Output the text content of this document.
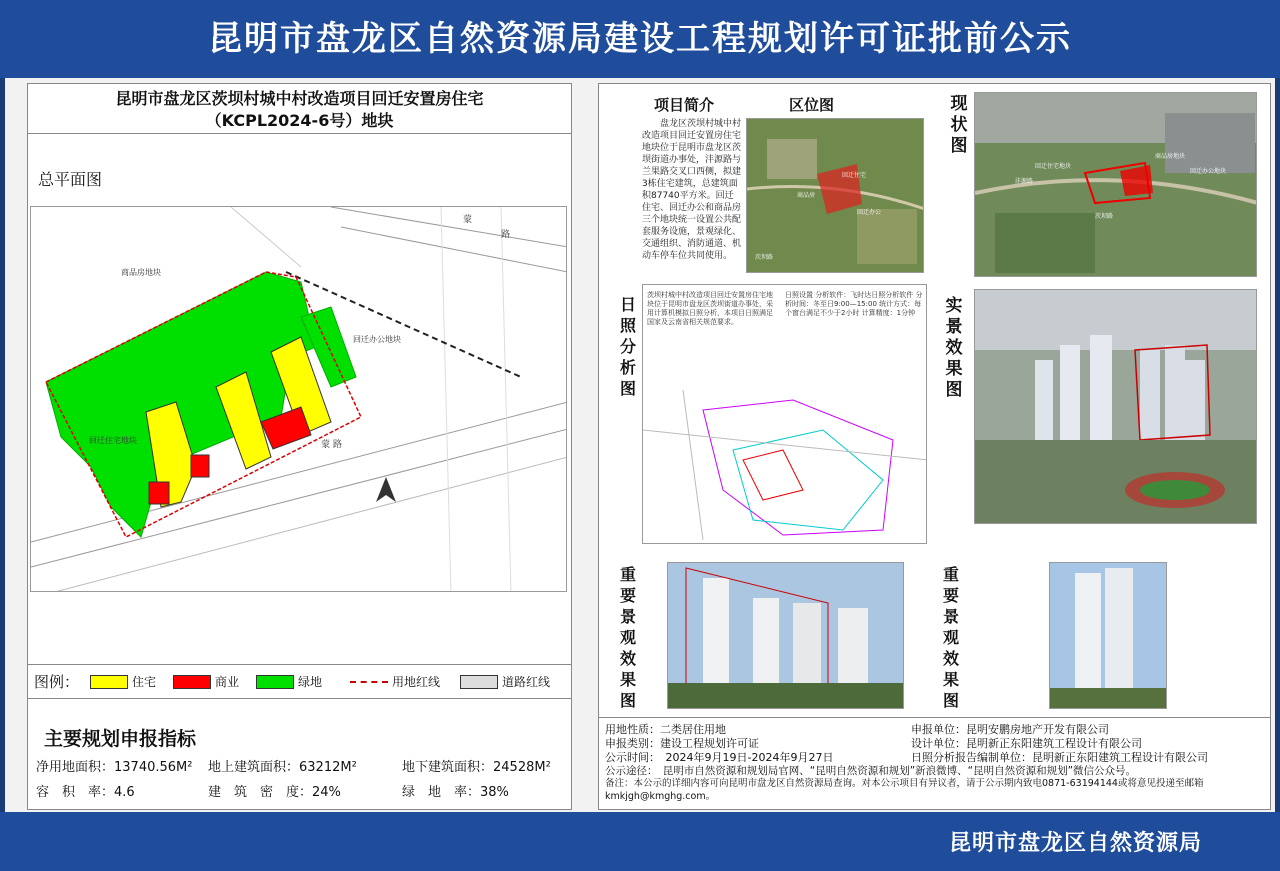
昆明市盘龙区自然资源局建设工程规划许可证批前公示
昆明市盘龙区茨坝村城中村改造项目回迁安置房住宅
（KCPL2024-6号）地块
总平面图
商品房地块
回迁办公地块
回迁住宅地块
蒙
路
蒙 路
图例：	住宅	商业	绿地	用地红线	道路红线
主要规划申报指标
净用地面积：13740.56M² 地上建筑面积：63212M²	地下建筑面积：24528M²
容　积　率：4.6	建　筑　密　度：24%	绿　地　率：38%
项目简介	区位图
盘龙区茨坝村城中村改造项目回迁安置房住宅地块位于昆明市盘龙区茨坝街道办事处，沣源路与兰果路交叉口西侧，拟建3栋住宅建筑，总建筑面积87740平方米。回迁住宅、回迁办公和商品房三个地块统一设置公共配套服务设施，景观绿化、交通组织、消防通道、机动车停车位共同使用。
回迁住宅
商品房
回迁办公
茨坝路
现状图
回迁住宅地块
商品房地块
回迁办公地块
茨坝路
沣源路
日照分析图
茨坝村城中村改造项目回迁安置房住宅地块位于昆明市盘龙区茨坝街道办事处，采用计算机模拟日照分析，本项目日照满足国家及云南省相关规范要求。
日照设置 分析软件：飞时达日照分析软件 分析时间：冬至日9:00—15:00 统计方式：每个窗台满足不少于2小时 计算精度：1分钟	实景效果图
重要景观效果图
重要景观效果图
用地性质：二类居住用地	申报单位：昆明安鹏房地产开发有限公司
申报类别：建设工程规划许可证	设计单位：昆明新正东阳建筑工程设计有限公司
公示时间：　2024年9月19日-2024年9月27日	日照分析报告编制单位：昆明新正东阳建筑工程设计有限公司
公示途径：　昆明市自然资源和规划局官网、“昆明自然资源和规划”新浪微博、“昆明自然资源和规划”微信公众号。
备注：本公示的详细内容可向昆明市盘龙区自然资源局查询。对本公示项目有异议者，请于公示期内致电0871-63194144或将意见投递至邮箱kmkjgh@kmghg.com。
昆明市盘龙区自然资源局
